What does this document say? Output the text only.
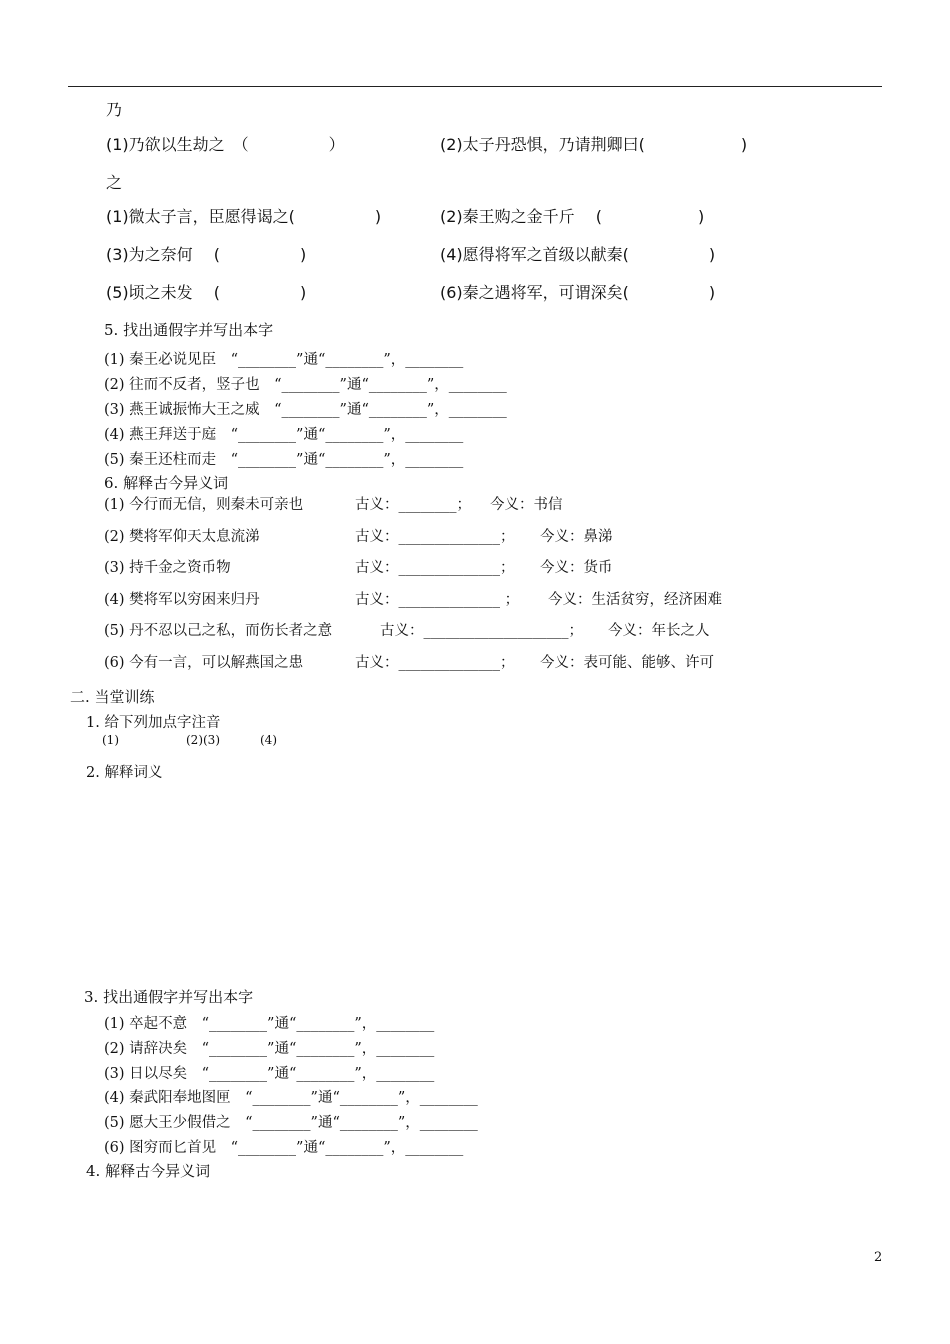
乃
(1)乃欲以生劫之　（　　　　　）	(2)太子丹恐惧，乃请荆卿曰(　　　　　　)
之
(1)微太子言，臣愿得谒之(　　　　　)	(2)秦王购之金千斤　 (　　　　　　)
(3)为之奈何　 (　　　　　)	(4)愿得将军之首级以献秦(　　　　　)
(5)顷之未发　 (　　　　　)	(6)秦之遇将军，可谓深矣(　　　　　)
5. 找出通假字并写出本字
(1) 秦王必说见臣　“________”通“________”，________
(2) 往而不反者，竖子也　“________”通“________”，________
(3) 燕王诚振怖大王之威　“________”通“________”，________
(4) 燕王拜送于庭　“________”通“________”，________
(5) 秦王还柱而走　“________”通“________”，________
6. 解释古今异义词
(1) 今行而无信，则秦未可亲也	古义：________； 今义：书信
(2) 樊将军仰天太息流涕	古义：______________； 今义：鼻涕
(3) 持千金之资币物	古义：______________； 今义：货币
(4) 樊将军以穷困来归丹	古义：______________ ； 今义：生活贫穷，经济困难
(5) 丹不忍以己之私，而伤长者之意	古义：____________________； 今义：年长之人
(6) 今有一言，可以解燕国之患	古义：______________； 今义：表可能、能够、许可
二. 当堂训练
1. 给下列加点字注音
(1)	(2)(3)	(4)
2. 解释词义
3. 找出通假字并写出本字
(1) 卒起不意　“________”通“________”，________
(2) 请辞决矣　“________”通“________”，________
(3) 日以尽矣　“________”通“________”，________
(4) 秦武阳奉地图匣　“________”通“________”，________
(5) 愿大王少假借之　“________”通“________”，________
(6) 图穷而匕首见　“________”通“________”，________
4. 解释古今异义词
2
